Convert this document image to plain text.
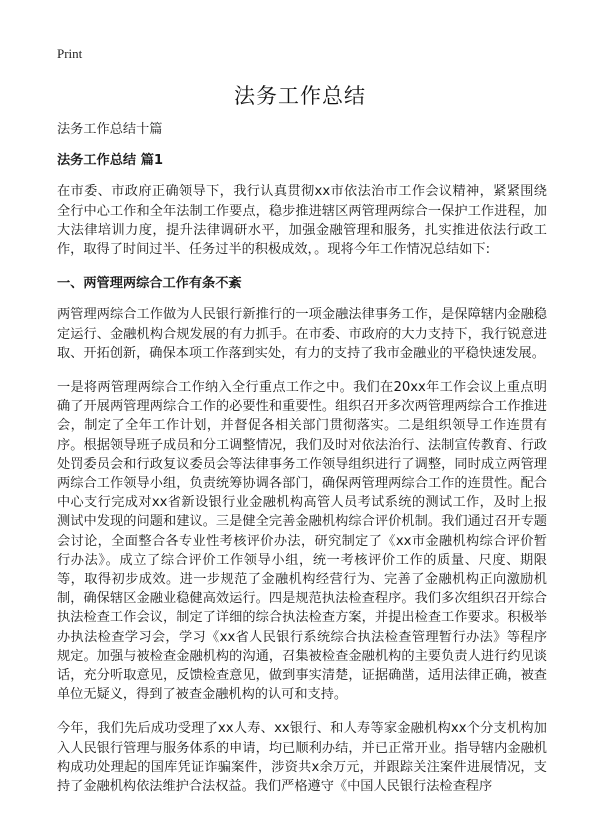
Print
法务工作总结

法务工作总结十篇

法务工作总结 篇1

在市委、市政府正确领导下，我行认真贯彻xx市依法治市工作会议精神，紧紧围绕全行中心工作和全年法制工作要点，稳步推进辖区两管理两综合一保护工作进程，加大法律培训力度，提升法律调研水平，加强金融管理和服务，扎实推进依法行政工作，取得了时间过半、任务过半的积极成效，。现将今年工作情况总结如下:

一、两管理两综合工作有条不紊

两管理两综合工作做为人民银行新推行的一项金融法律事务工作，是保障辖内金融稳定运行、金融机构合规发展的有力抓手。在市委、市政府的大力支持下，我行锐意进取、开拓创新，确保本项工作落到实处，有力的支持了我市金融业的平稳快速发展。

一是将两管理两综合工作纳入全行重点工作之中。我们在20xx年工作会议上重点明确了开展两管理两综合工作的必要性和重要性。组织召开多次两管理两综合工作推进会，制定了全年工作计划，并督促各相关部门贯彻落实。二是组织领导工作连贯有序。根据领导班子成员和分工调整情况，我们及时对依法治行、法制宣传教育、行政处罚委员会和行政复议委员会等法律事务工作领导组织进行了调整，同时成立两管理两综合工作领导小组，负责统筹协调各部门，确保两管理两综合工作的连贯性。配合中心支行完成对xx省新设银行业金融机构高管人员考试系统的测试工作，及时上报测试中发现的问题和建议。三是健全完善金融机构综合评价机制。我们通过召开专题会讨论，全面整合各专业性考核评价办法，研究制定了《xx市金融机构综合评价暂行办法》。成立了综合评价工作领导小组，统一考核评价工作的质量、尺度、期限等，取得初步成效。进一步规范了金融机构经营行为、完善了金融机构正向激励机制，确保辖区金融业稳健高效运行。四是规范执法检查程序。我们多次组织召开综合执法检查工作会议，制定了详细的综合执法检查方案，并提出检查工作要求。积极举办执法检查学习会，学习《xx省人民银行系统综合执法检查管理暂行办法》等程序规定。加强与被检查金融机构的沟通，召集被检查金融机构的主要负责人进行约见谈话，充分听取意见，反馈检查意见，做到事实清楚，证据确凿，适用法律正确，被查单位无疑义，得到了被查金融机构的认可和支持。

今年，我们先后成功受理了xx人寿、xx银行、和人寿等家金融机构xx个分支机构加入人民银行管理与服务体系的申请，均已顺利办结，并已正常开业。指导辖内金融机构成功处理起的国库凭证诈骗案件，涉资共x余万元，并跟踪关注案件进展情况，支持了金融机构依法维护合法权益。我们严格遵守《中国人民银行法检查程序
